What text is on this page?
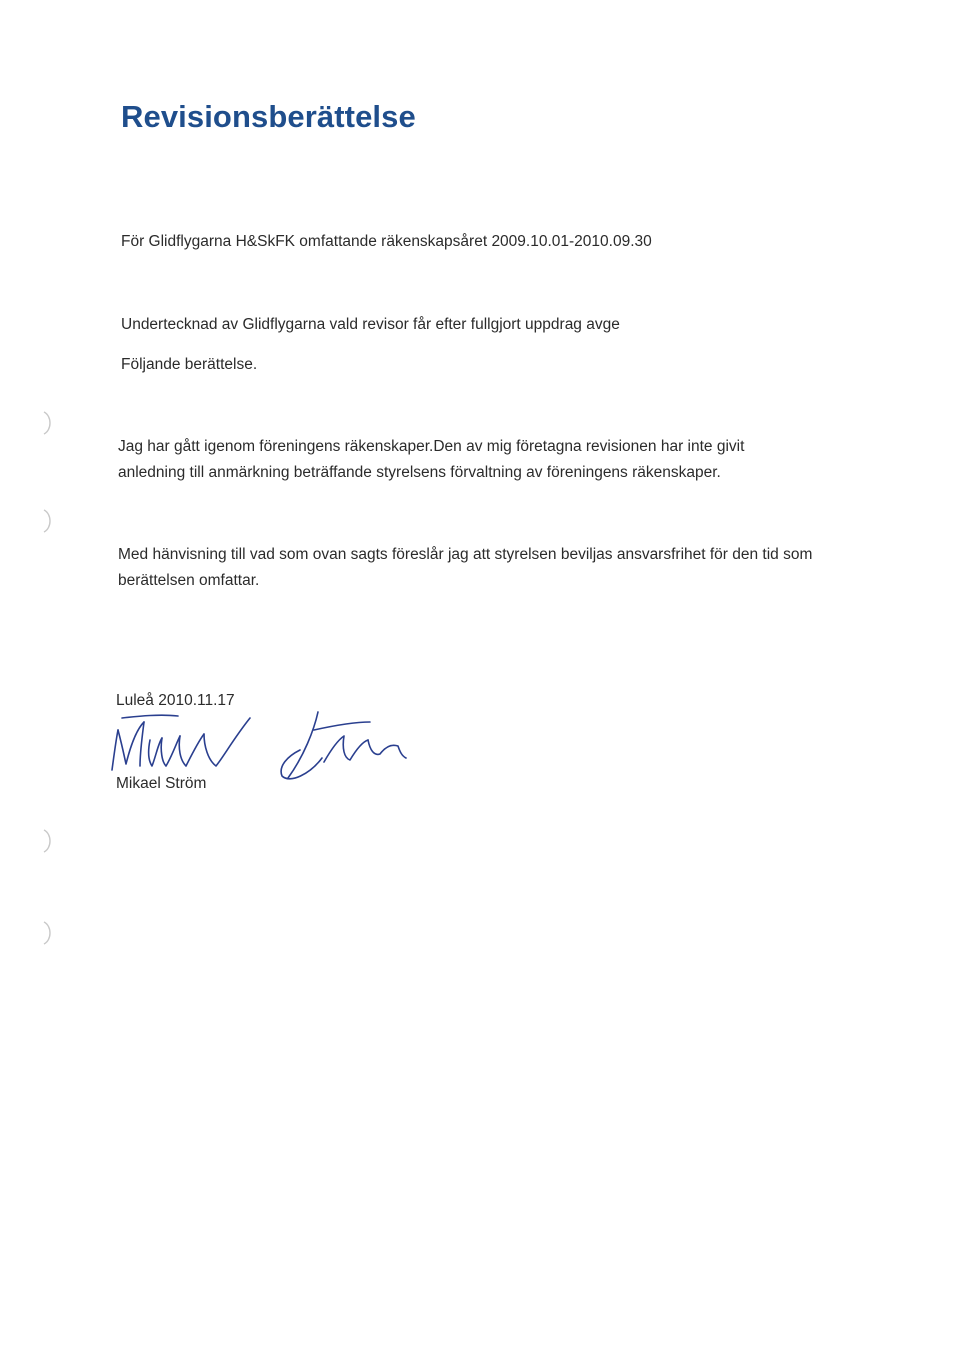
Revisionsberättelse

För Glidflygarna H&SkFK omfattande räkenskapsåret 2009.10.01-2010.09.30

Undertecknad av Glidflygarna vald revisor får efter fullgjort uppdrag avge

Följande berättelse.

Jag har gått igenom föreningens räkenskaper.Den av mig företagna revisionen har inte givit

anledning till anmärkning beträffande styrelsens förvaltning av föreningens räkenskaper.

Med hänvisning till vad som ovan sagts föreslår jag att styrelsen beviljas ansvarsfrihet för den tid som

berättelsen omfattar.

Luleå 2010.11.17

Mikael Ström
